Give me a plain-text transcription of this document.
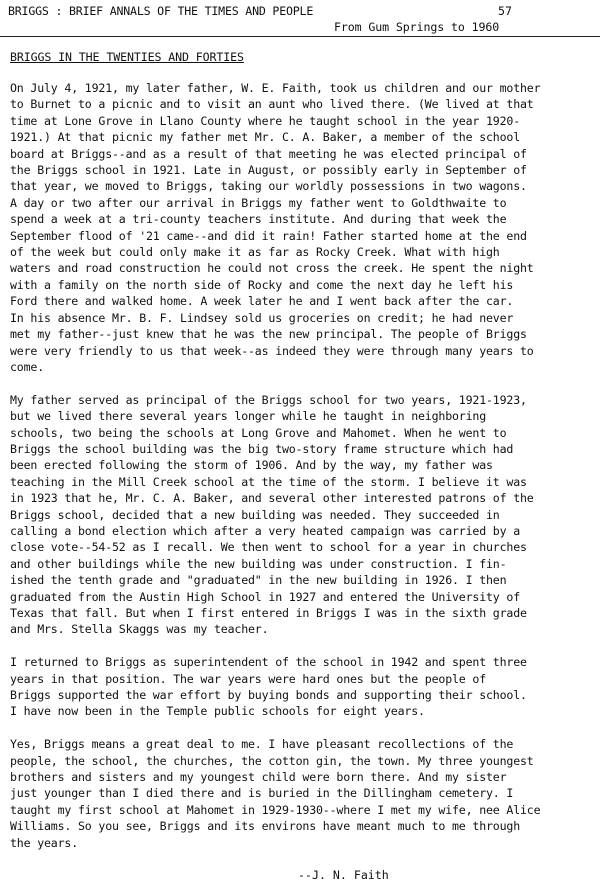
BRIGGS : BRIEF ANNALS OF THE TIMES AND PEOPLE	57
From Gum Springs to 1960
BRIGGS IN THE TWENTIES AND FORTIES

On July 4, 1921, my later father, W. E. Faith, took us children and our mother
to Burnet to a picnic and to visit an aunt who lived there. (We lived at that
time at Lone Grove in Llano County where he taught school in the year 1920-
1921.) At that picnic my father met Mr. C. A. Baker, a member of the school
board at Briggs--and as a result of that meeting he was elected principal of
the Briggs school in 1921. Late in August, or possibly early in September of
that year, we moved to Briggs, taking our worldly possessions in two wagons.
A day or two after our arrival in Briggs my father went to Goldthwaite to
spend a week at a tri-county teachers institute. And during that week the
September flood of '21 came--and did it rain! Father started home at the end
of the week but could only make it as far as Rocky Creek. What with high
waters and road construction he could not cross the creek. He spent the night
with a family on the north side of Rocky and come the next day he left his
Ford there and walked home. A week later he and I went back after the car.
In his absence Mr. B. F. Lindsey sold us groceries on credit; he had never
met my father--just knew that he was the new principal. The people of Briggs
were very friendly to us that week--as indeed they were through many years to
come.

My father served as principal of the Briggs school for two years, 1921-1923,
but we lived there several years longer while he taught in neighboring
schools, two being the schools at Long Grove and Mahomet. When he went to
Briggs the school building was the big two-story frame structure which had
been erected following the storm of 1906. And by the way, my father was
teaching in the Mill Creek school at the time of the storm. I believe it was
in 1923 that he, Mr. C. A. Baker, and several other interested patrons of the
Briggs school, decided that a new building was needed. They succeeded in
calling a bond election which after a very heated campaign was carried by a
close vote--54-52 as I recall. We then went to school for a year in churches
and other buildings while the new building was under construction. I fin-
ished the tenth grade and "graduated" in the new building in 1926. I then
graduated from the Austin High School in 1927 and entered the University of
Texas that fall. But when I first entered in Briggs I was in the sixth grade
and Mrs. Stella Skaggs was my teacher.

I returned to Briggs as superintendent of the school in 1942 and spent three
years in that position. The war years were hard ones but the people of
Briggs supported the war effort by buying bonds and supporting their school.
I have now been in the Temple public schools for eight years.

Yes, Briggs means a great deal to me. I have pleasant recollections of the
people, the school, the churches, the cotton gin, the town. My three youngest
brothers and sisters and my youngest child were born there. And my sister
just younger than I died there and is buried in the Dillingham cemetery. I
taught my first school at Mahomet in 1929-1930--where I met my wife, nee Alice
Williams. So you see, Briggs and its environs have meant much to me through
the years.

--J. N. Faith
